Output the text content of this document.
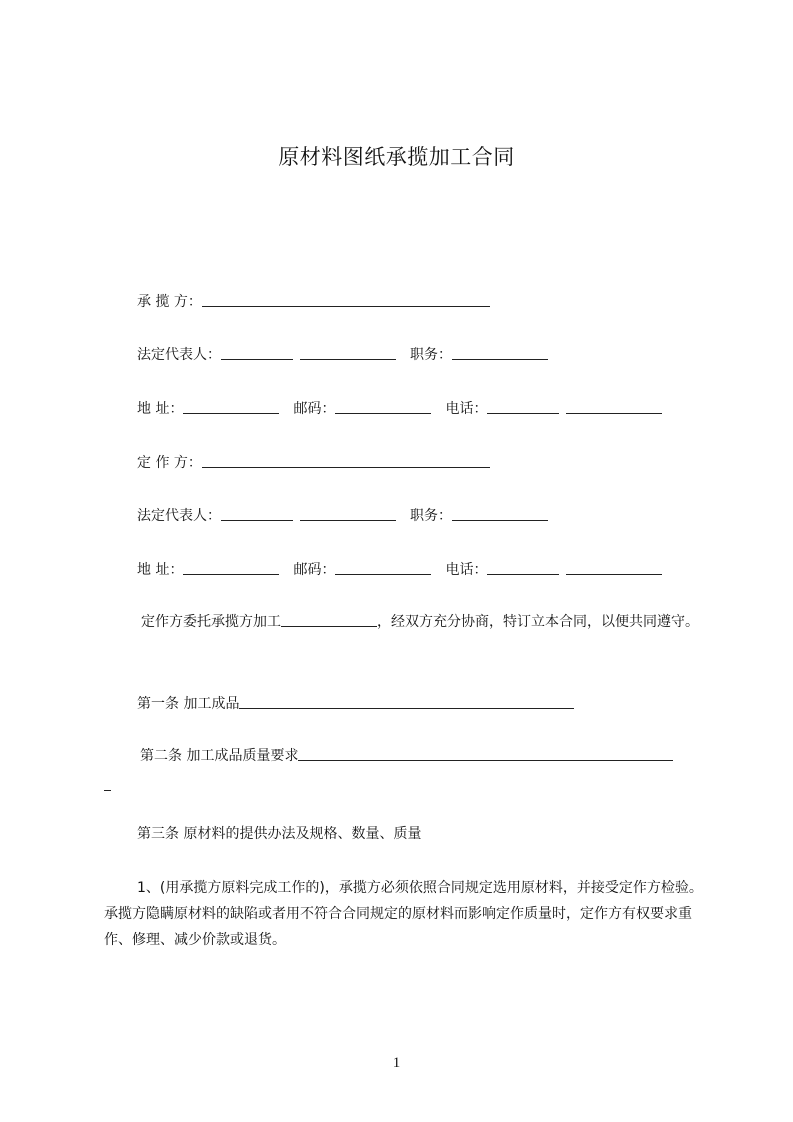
原材料图纸承揽加工合同
承 揽 方：
法定代表人：	职务：
地 址：	邮码：	电话：
定 作 方：
法定代表人：	职务：
地 址：	邮码：	电话：
定作方委托承揽方加工	，经双方充分协商，特订立本合同，以便共同遵守。
第一条 加工成品
第二条 加工成品质量要求
第三条 原材料的提供办法及规格、数量、质量
1、(用承揽方原料完成工作的)，承揽方必须依照合同规定选用原材料，并接受定作方检验。承揽方隐瞒原材料的缺陷或者用不符合合同规定的原材料而影响定作质量时，定作方有权要求重作、修理、减少价款或退货。
1
